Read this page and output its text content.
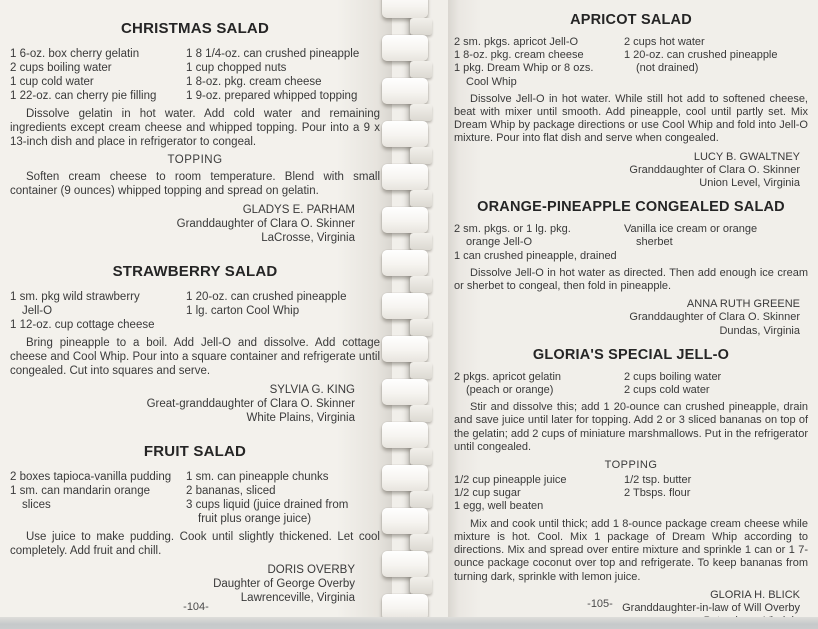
CHRISTMAS SALAD
1 6-oz. box cherry gelatin
2 cups boiling water
1 cup cold water
1 22-oz. can cherry pie filling
1 8 1/4-oz. can crushed pineapple
1 cup chopped nuts
1 8-oz. pkg. cream cheese
1 9-oz. prepared whipped topping

Dissolve gelatin in hot water. Add cold water and remaining ingredients except cream cheese and whipped topping. Pour into a 9 x 13-inch dish and place in refrigerator to congeal.

TOPPING

Soften cream cheese to room temperature. Blend with small container (9 ounces) whipped topping and spread on gelatin.

GLADYS E. PARHAM
Granddaughter of Clara O. Skinner
LaCrosse, Virginia
STRAWBERRY SALAD
1 sm. pkg wild strawberry
Jell-O
1 12-oz. cup cottage cheese
1 20-oz. can crushed pineapple
1 lg. carton Cool Whip

Bring pineapple to a boil. Add Jell-O and dissolve. Add cottage cheese and Cool Whip. Pour into a square container and refrigerate until congealed. Cut into squares and serve.

SYLVIA G. KING
Great-granddaughter of Clara O. Skinner
White Plains, Virginia
FRUIT SALAD
2 boxes tapioca-vanilla pudding
1 sm. can mandarin orange
slices
1 sm. can pineapple chunks
2 bananas, sliced
3 cups liquid (juice drained from
fruit plus orange juice)

Use juice to make pudding. Cook until slightly thickened. Let cool completely. Add fruit and chill.

DORIS OVERBY
Daughter of George Overby
Lawrenceville, Virginia
APRICOT SALAD
2 sm. pkgs. apricot Jell-O
1 8-oz. pkg. cream cheese
1 pkg. Dream Whip or 8 ozs.
Cool Whip
2 cups hot water
1 20-oz. can crushed pineapple
(not drained)

Dissolve Jell-O in hot water. While still hot add to softened cheese, beat with mixer until smooth. Add pineapple, cool until partly set. Mix Dream Whip by package directions or use Cool Whip and fold into Jell-O mixture. Pour into flat dish and serve when congealed.

LUCY B. GWALTNEY
Granddaughter of Clara O. Skinner
Union Level, Virginia
ORANGE-PINEAPPLE CONGEALED SALAD
2 sm. pkgs. or 1 lg. pkg.
orange Jell-O
1 can crushed pineapple, drained
Vanilla ice cream or orange
sherbet

Dissolve Jell-O in hot water as directed. Then add enough ice cream or sherbet to congeal, then fold in pineapple.

ANNA RUTH GREENE
Granddaughter of Clara O. Skinner
Dundas, Virginia
GLORIA'S SPECIAL JELL-O
2 pkgs. apricot gelatin
(peach or orange)
2 cups boiling water
2 cups cold water

Stir and dissolve this; add 1 20-ounce can crushed pineapple, drain and save juice until later for topping. Add 2 or 3 sliced bananas on top of the gelatin; add 2 cups of miniature marshmallows. Put in the refrigerator until congealed.

TOPPING
1/2 cup pineapple juice
1/2 cup sugar
1 egg, well beaten
1/2 tsp. butter
2 Tbsps. flour

Mix and cook until thick; add 1 8-ounce package cream cheese while mixture is hot. Cool. Mix 1 package of Dream Whip according to directions. Mix and spread over entire mixture and sprinkle 1 can or 1 7-ounce package coconut over top and refrigerate. To keep bananas from turning dark, sprinkle with lemon juice.

GLORIA H. BLICK
Granddaughter-in-law of Will Overby
-104-	-105-
